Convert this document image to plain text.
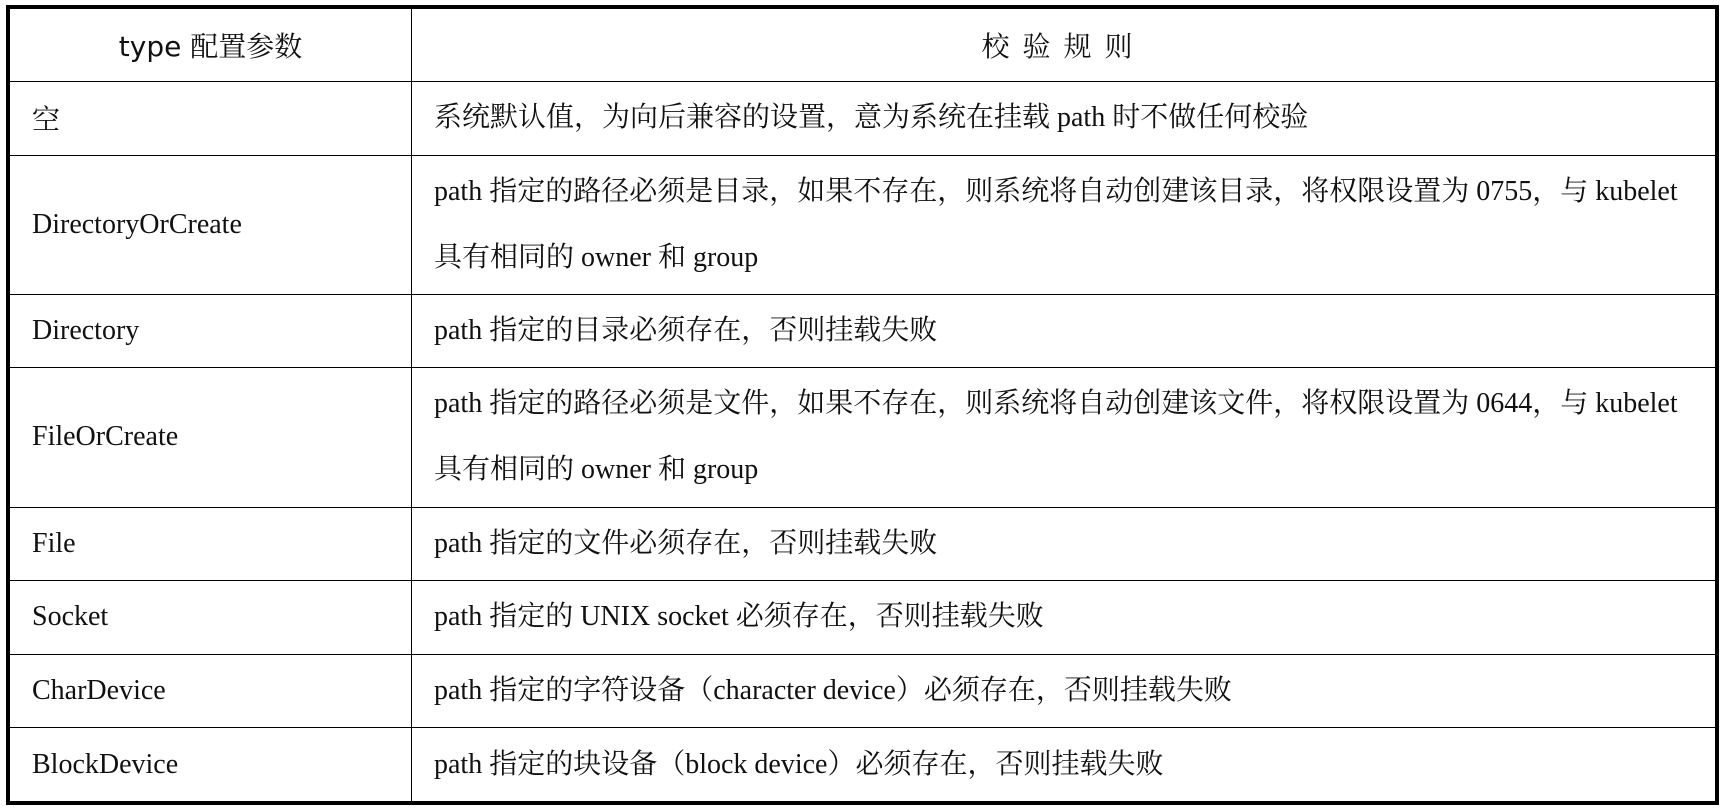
type 配置参数	校验规则
空	系统默认值，为向后兼容的设置，意为系统在挂载 path 时不做任何校验
DirectoryOrCreate	path 指定的路径必须是目录，如果不存在，则系统将自动创建该目录，将权限设置为 0755，与 kubelet 具有相同的 owner 和 group
Directory	path 指定的目录必须存在，否则挂载失败
FileOrCreate	path 指定的路径必须是文件，如果不存在，则系统将自动创建该文件，将权限设置为 0644，与 kubelet 具有相同的 owner 和 group
File	path 指定的文件必须存在，否则挂载失败
Socket	path 指定的 UNIX socket 必须存在，否则挂载失败
CharDevice	path 指定的字符设备（character device）必须存在，否则挂载失败
BlockDevice	path 指定的块设备（block device）必须存在，否则挂载失败
